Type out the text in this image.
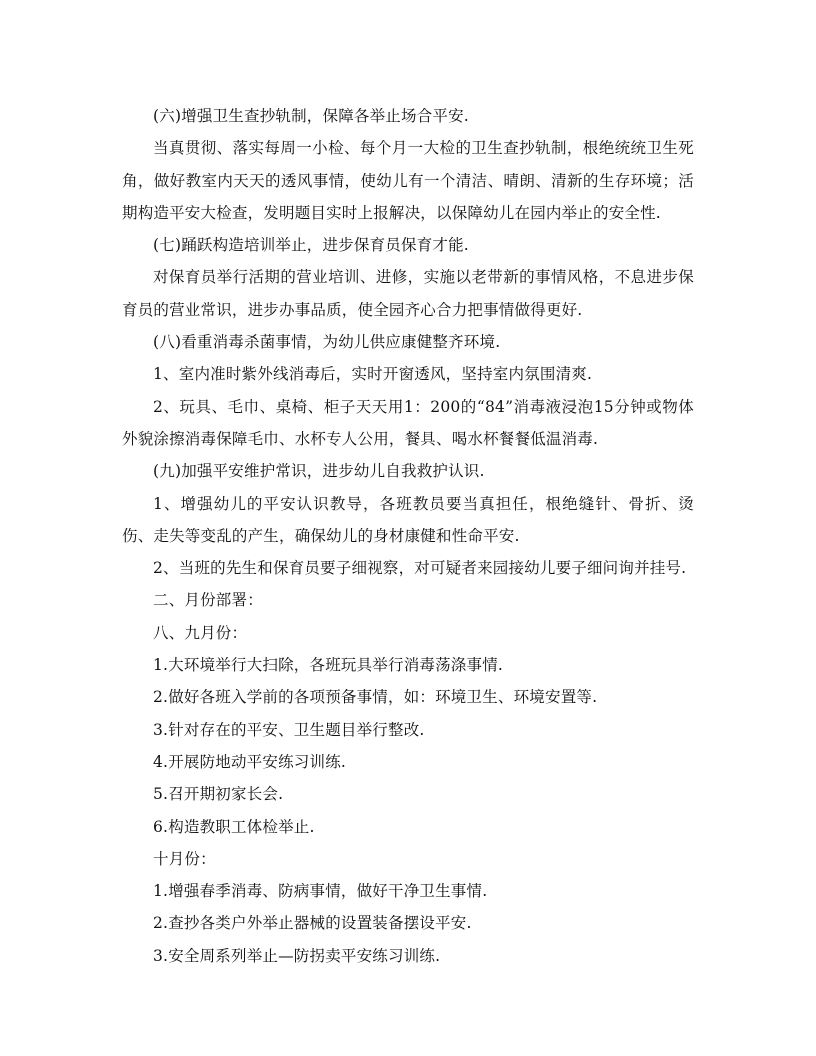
(六)增强卫生查抄轨制，保障各举止场合平安.

当真贯彻、落实每周一小检、每个月一大检的卫生查抄轨制，根绝统统卫生死角，做好教室内天天的透风事情，使幼儿有一个清洁、晴朗、清新的生存环境；活期构造平安大检查，发明题目实时上报解决，以保障幼儿在园内举止的安全性.

(七)踊跃构造培训举止，进步保育员保育才能.

对保育员举行活期的营业培训、进修，实施以老带新的事情风格，不息进步保育员的营业常识，进步办事品质，使全园齐心合力把事情做得更好.

(八)看重消毒杀菌事情，为幼儿供应康健整齐环境.

1、室内准时紫外线消毒后，实时开窗透风，坚持室内氛围清爽.

2、玩具、毛巾、桌椅、柜子天天用1：200的“84”消毒液浸泡15分钟或物体外貌涂擦消毒保障毛巾、水杯专人公用，餐具、喝水杯餐餐低温消毒.

(九)加强平安维护常识，进步幼儿自我救护认识.

1、增强幼儿的平安认识教导，各班教员要当真担任，根绝缝针、骨折、烫伤、走失等变乱的产生，确保幼儿的身材康健和性命平安.

2、当班的先生和保育员要子细视察，对可疑者来园接幼儿要子细问询并挂号.

二、月份部署：

八、九月份：

1.大环境举行大扫除，各班玩具举行消毒荡涤事情.

2.做好各班入学前的各项预备事情，如：环境卫生、环境安置等.

3.针对存在的平安、卫生题目举行整改.

4.开展防地动平安练习训练.

5.召开期初家长会.

6.构造教职工体检举止.

十月份：

1.增强春季消毒、防病事情，做好干净卫生事情.

2.查抄各类户外举止器械的设置装备摆设平安.

3.安全周系列举止—防拐卖平安练习训练.
